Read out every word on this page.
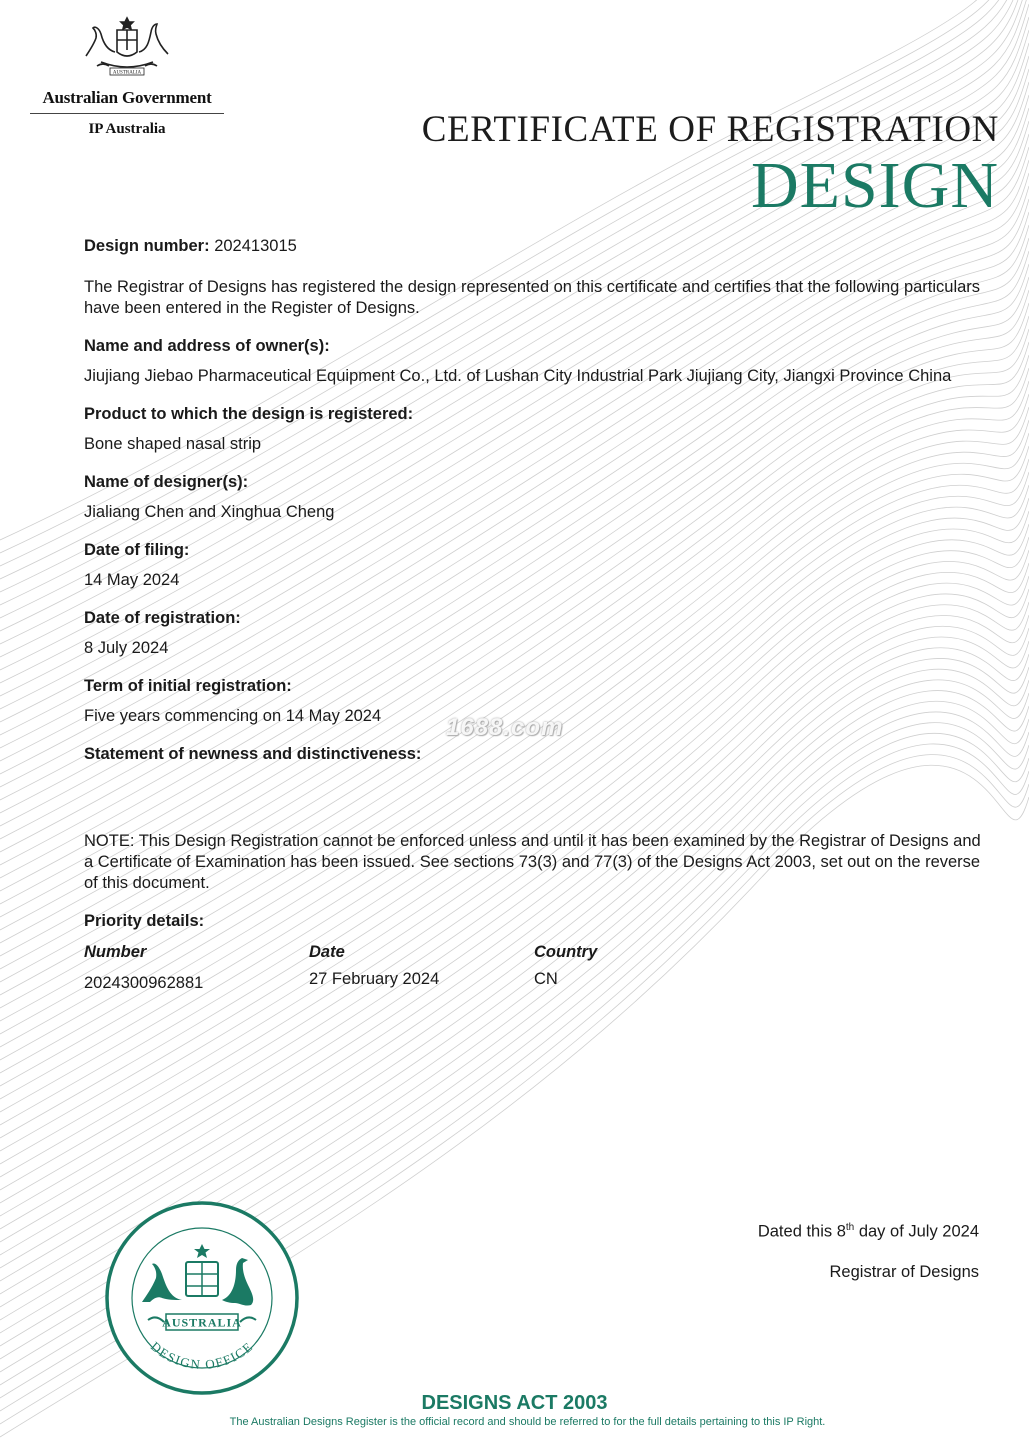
AUSTRALIA
Australian Government
IP Australia	CERTIFICATE OF REGISTRATION
DESIGN

Design number: 202413015

The Registrar of Designs has registered the design represented on this certificate and certifies that the following particulars have been entered in the Register of Designs.

Name and address of owner(s):
Jiujiang Jiebao Pharmaceutical Equipment Co., Ltd. of Lushan City Industrial Park Jiujiang City, Jiangxi Province China
Product to which the design is registered:
Bone shaped nasal strip
Name of designer(s):
Jialiang Chen and Xinghua Cheng
Date of filing:
14 May 2024
Date of registration:
8 July 2024
Term of initial registration:
Five years commencing on 14 May 2024
Statement of newness and distinctiveness:

NOTE: This Design Registration cannot be enforced unless and until it has been examined by the Registrar of Designs and a Certificate of Examination has been issued. See sections 73(3) and 77(3) of the Designs Act 2003, set out on the reverse of this document.

Priority details:
Number	Date	Country
2024300962881	27 February 2024	CN
1688.com
DESIGN OFFICE
AUSTRALIA
Dated this 8th day of July 2024
Registrar of Designs
DESIGNS ACT 2003
The Australian Designs Register is the official record and should be referred to for the full details pertaining to this IP Right.
